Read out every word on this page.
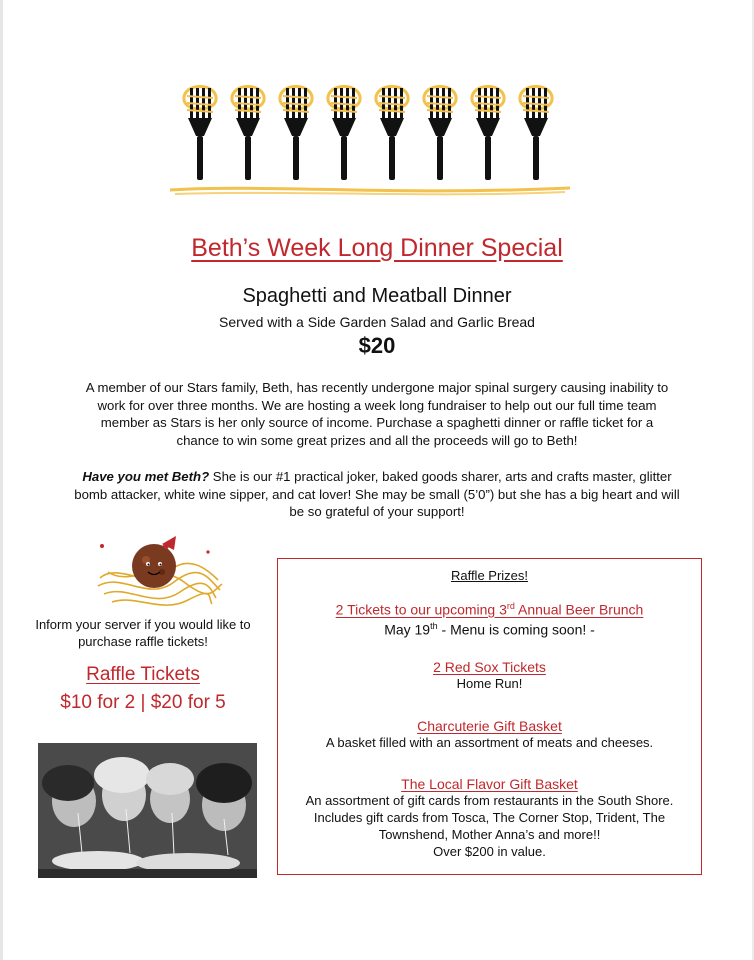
Beth’s Week Long Dinner Special
Spaghetti and Meatball Dinner
Served with a Side Garden Salad and Garlic Bread
$20
A member of our Stars family, Beth, has recently undergone major spinal surgery causing inability to work for over three months. We are hosting a week long fundraiser to help out our full time team member as Stars is her only source of income. Purchase a spaghetti dinner or raffle ticket for a chance to win some great prizes and all the proceeds will go to Beth!
Have you met Beth? She is our #1 practical joker, baked goods sharer, arts and crafts master, glitter bomb attacker, white wine sipper, and cat lover! She may be small (5’0”) but she has a big heart and will be so grateful of your support!
Inform your server if you would like to purchase raffle tickets!
Raffle Tickets
$10 for 2 | $20 for 5
Raffle Prizes!
2 Tickets to our upcoming 3rd Annual Beer Brunch
May 19th - Menu is coming soon! -
2 Red Sox Tickets
Home Run!
Charcuterie Gift Basket
A basket filled with an assortment of meats and cheeses.
The Local Flavor Gift Basket
An assortment of gift cards from restaurants in the South Shore.
Includes gift cards from Tosca, The Corner Stop, Trident, The
Townshend, Mother Anna’s and more!!
Over $200 in value.
